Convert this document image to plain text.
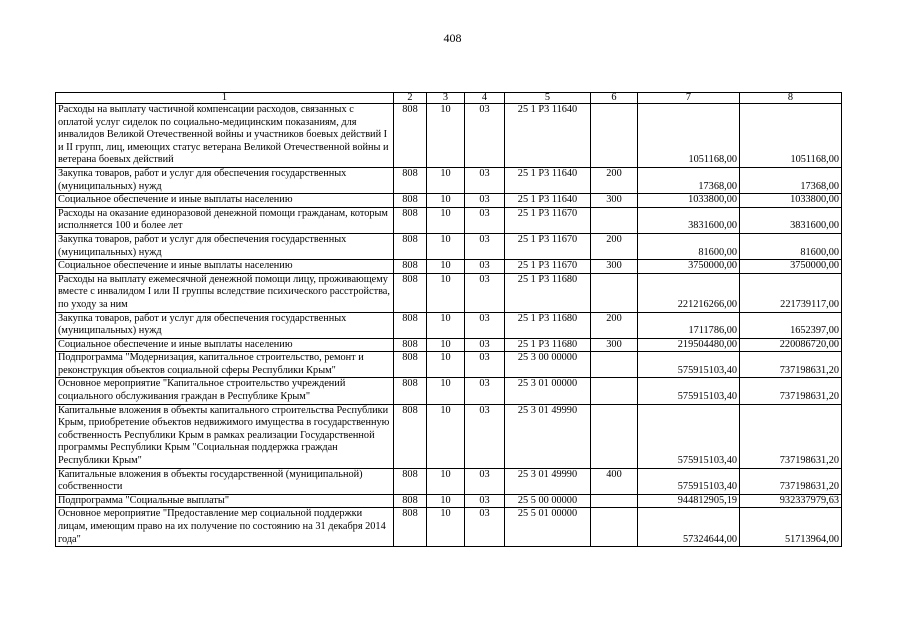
408
1	2	3	4	5	6	7	8
Расходы на выплату частичной компенсации расходов, связанных с оплатой услуг сиделок по социально-медицинским показаниям, для инвалидов Великой Отечественной войны и участников боевых действий I и II групп, лиц, имеющих статус ветерана Великой Отечественной войны и ветерана боевых действий	808	10	03	25 1 Р3 11640		1051168,00	1051168,00
Закупка товаров, работ и услуг для обеспечения государственных (муниципальных) нужд	808	10	03	25 1 Р3 11640	200	17368,00	17368,00
Социальное обеспечение и иные выплаты населению	808	10	03	25 1 Р3 11640	300	1033800,00	1033800,00
Расходы на оказание единоразовой денежной помощи гражданам, которым исполняется 100 и более лет	808	10	03	25 1 Р3 11670		3831600,00	3831600,00
Закупка товаров, работ и услуг для обеспечения государственных (муниципальных) нужд	808	10	03	25 1 Р3 11670	200	81600,00	81600,00
Социальное обеспечение и иные выплаты населению	808	10	03	25 1 Р3 11670	300	3750000,00	3750000,00
Расходы на выплату ежемесячной денежной помощи лицу, проживающему вместе с инвалидом I или II группы вследствие психического расстройства, по уходу за ним	808	10	03	25 1 Р3 11680		221216266,00	221739117,00
Закупка товаров, работ и услуг для обеспечения государственных (муниципальных) нужд	808	10	03	25 1 Р3 11680	200	1711786,00	1652397,00
Социальное обеспечение и иные выплаты населению	808	10	03	25 1 Р3 11680	300	219504480,00	220086720,00
Подпрограмма "Модернизация, капитальное строительство, ремонт и реконструкция объектов социальной сферы Республики Крым"	808	10	03	25 3 00 00000		575915103,40	737198631,20
Основное мероприятие "Капитальное строительство учреждений социального обслуживания граждан в Республике Крым"	808	10	03	25 3 01 00000		575915103,40	737198631,20
Капитальные вложения в объекты капитального строительства Республики Крым, приобретение объектов недвижимого имущества в государственную собственность Республики Крым в рамках реализации Государственной программы Республики Крым "Социальная поддержка граждан Республики Крым"	808	10	03	25 3 01 49990		575915103,40	737198631,20
Капитальные вложения в объекты государственной (муниципальной) собственности	808	10	03	25 3 01 49990	400	575915103,40	737198631,20
Подпрограмма "Социальные выплаты"	808	10	03	25 5 00 00000		944812905,19	932337979,63
Основное мероприятие "Предоставление мер социальной поддержки лицам, имеющим право на их получение по состоянию на 31 декабря 2014 года"	808	10	03	25 5 01 00000		57324644,00	51713964,00
